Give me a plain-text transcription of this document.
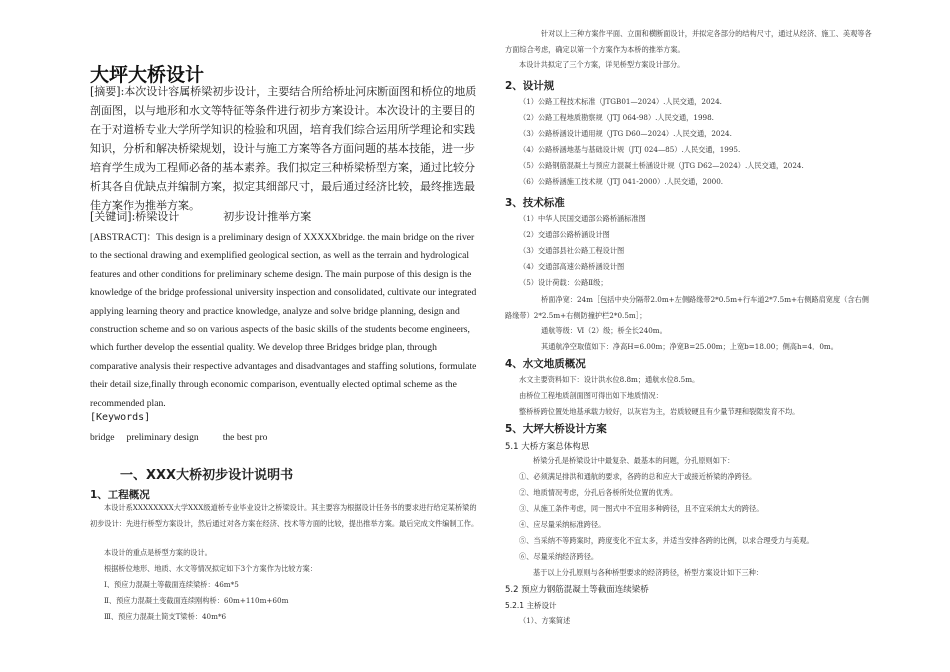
大坪大桥设计

[摘要]:本次设计容属桥梁初步设计，主要结合所给桥址河床断面图和桥位的地质剖面图，以与地形和水文等特征等条件进行初步方案设计。本次设计的主要目的在于对道桥专业大学所学知识的检验和巩固，培育我们综合运用所学理论和实践知识，分析和解决桥梁规划，设计与施工方案等各方面问题的基本技能，进一步培育学生成为工程师必备的基本素养。我们拟定三种桥梁桥型方案，通过比较分析其各自优缺点并编制方案，拟定其细部尺寸，最后通过经济比较，最终推选最佳方案作为推举方案。

[关键词]:桥梁设计	初步设计推举方案

[ABSTRACT]：This design is a preliminary design of XXXXXbridge. the main bridge on the river to the sectional drawing and exemplified geological section, as well as the terrain and hydrological features and other conditions for preliminary scheme design. The main purpose of this design is the knowledge of the bridge professional university inspection and consolidated, cultivate our integrated applying learning theory and practice knowledge, analyze and solve bridge planning, design and construction scheme and so on various aspects of the basic skills of the students become engineers, which further develop the essential quality. We develop three Bridges bridge plan, through comparative analysis their respective advantages and disadvantages and staffing solutions, formulate their detail size,finally through economic comparison, eventually elected optimal scheme as the recommended plan.

[Keywords]

bridge preliminary design	the best pro

一、XXX大桥初步设计说明书
1、工程概况

本设计系XXXXXXXX大学XXX级道桥专业毕业设计之桥梁设计。其主要容为根据设计任务书的要求进行给定某桥梁的初步设计：先进行桥型方案设计，然后通过对各方案在经济、技术等方面的比较，提出推举方案。最后完成文件编制工作。

本设计的重点是桥型方案的设计。

根据桥位地形、地质、水文等情况拟定如下3个方案作为比较方案：

Ⅰ、预应力混凝土等截面连续梁桥：46m*5

Ⅱ、预应力混凝土变截面连续刚构桥：60m+110m+60m

Ⅲ、预应力混凝土简支T梁桥：40m*6

针对以上三种方案作平面、立面和横断面设计，并拟定各部分的结构尺寸，通过从经济、施工、美观等各方面综合考虑，确定以第一个方案作为本桥的推举方案。

本设计共拟定了三个方案，详见桥型方案设计部分。

2、设计规

（1）公路工程技术标准（JTGB01—2024）.人民交通，2024.

（2）公路工程地质勘察规（JTJ 064-98）.人民交通，1998.

（3）公路桥涵设计通用规（JTG D60—2024）.人民交通，2024.

（4）公路桥涵地基与基础设计规（JTJ 024—85）.人民交通，1995.

（5）公路钢筋混凝土与预应力混凝土桥涵设计规（JTG D62—2024）.人民交通，2024.

（6）公路桥涵施工技术规（JTJ 041-2000）.人民交通，2000.

3、技术标准

（1）中华人民国交通部公路桥涵标准图

（2）交通部公路桥涵设计图

（3）交通部县社公路工程设计图

（4）交通部高速公路桥涵设计图

（5）设计荷载：公路Ⅱ级；

桥面净宽：24m［包括中央分隔带2.0m+左侧路缘带2*0.5m+行车道2*7.5m+右侧路肩宽度（含右侧路缘带）2*2.5m+右侧防撞护栏2*0.5m］；

通航等级：Ⅵ（2）级；桥全长240m。

其通航净空取值如下：净高H=6.00m；净宽B=25.00m；上宽b=18.00；侧高h=4．0m。

4、水文地质概况

水文主要资料如下：设计洪水位8.8m；通航水位8.5m。

由桥位工程地质剖面图可得出如下地质情况：

整桥桥跨位置处地基承载力较好，以灰岩为主，岩质较硬且有少量节理和裂隙发育不均。

5、大坪大桥设计方案

5.1 大桥方案总体构思

桥梁分孔是桥梁设计中最复杂、最基本的问题，分孔原则如下：

①、必须满足排洪和通航的要求，各跨的总和应大于或接近桥梁的净跨径。

②、地质情况考虑，分孔后各桥所处位置的优秀。

③、从施工条件考虑，同一图式中不宜用多种跨径，且不宜采纳太大的跨径。

④、应尽量采纳标准跨径。

⑤、当采纳不等跨案时，跨度变化不宜太多，并适当安排各跨的比例，以求合理受力与美观。

⑥、尽量采纳经济跨径。

基于以上分孔原则与各种桥型要求的经济跨径，桥型方案设计如下三种：

5.2 预应力钢筋混凝土等截面连续梁桥

5.2.1 主桥设计

（1）、方案简述
